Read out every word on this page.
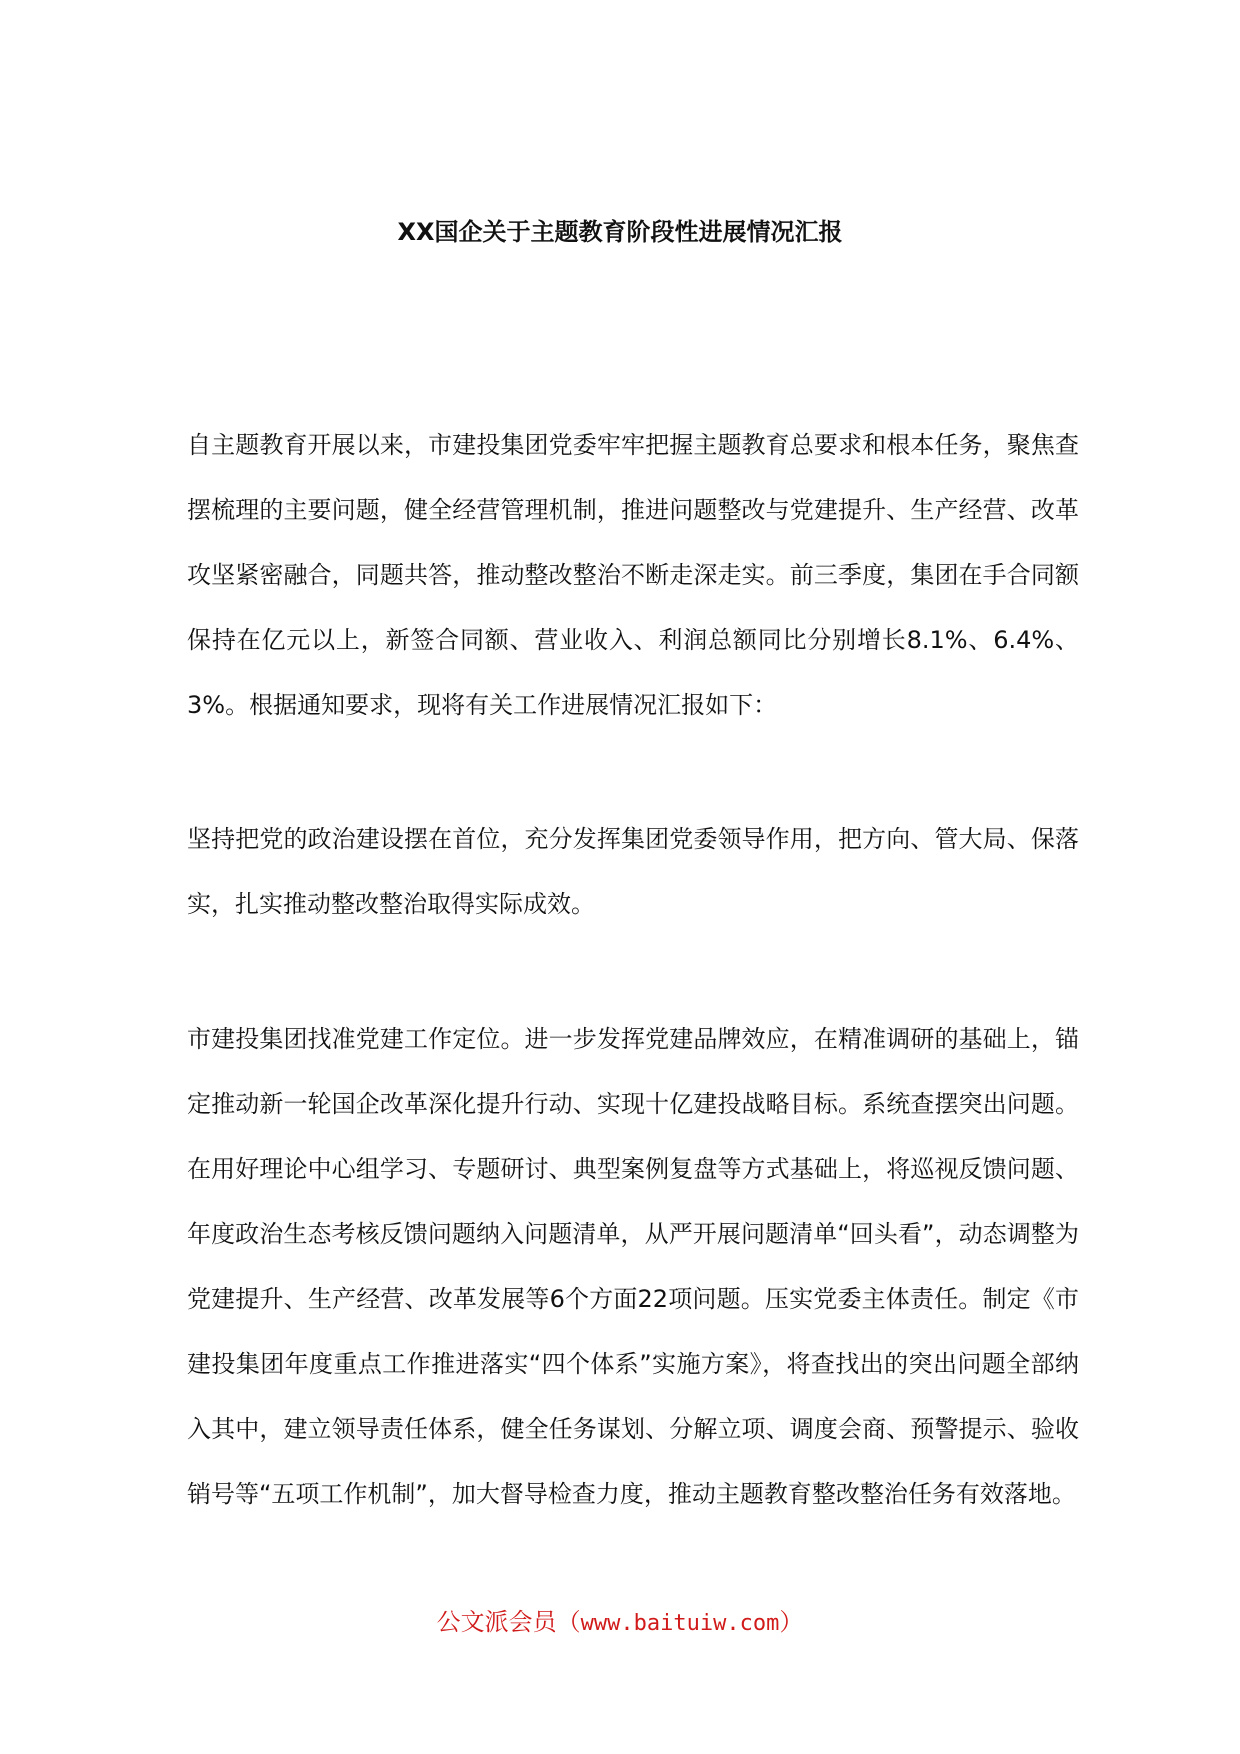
XX国企关于主题教育阶段性进展情况汇报

自主题教育开展以来，市建投集团党委牢牢把握主题教育总要求和根本任务，聚焦查摆梳理的主要问题，健全经营管理机制，推进问题整改与党建提升、生产经营、改革攻坚紧密融合，同题共答，推动整改整治不断走深走实。前三季度，集团在手合同额保持在亿元以上，新签合同额、营业收入、利润总额同比分别增长8.1%、6.4%、3%。根据通知要求，现将有关工作进展情况汇报如下：

坚持把党的政治建设摆在首位，充分发挥集团党委领导作用，把方向、管大局、保落实，扎实推动整改整治取得实际成效。

市建投集团找准党建工作定位。进一步发挥党建品牌效应，在精准调研的基础上，锚定推动新一轮国企改革深化提升行动、实现十亿建投战略目标。系统查摆突出问题。在用好理论中心组学习、专题研讨、典型案例复盘等方式基础上，将巡视反馈问题、年度政治生态考核反馈问题纳入问题清单，从严开展问题清单“回头看”，动态调整为党建提升、生产经营、改革发展等6个方面22项问题。压实党委主体责任。制定《市建投集团年度重点工作推进落实“四个体系”实施方案》，将查找出的突出问题全部纳入其中，建立领导责任体系，健全任务谋划、分解立项、调度会商、预警提示、验收销号等“五项工作机制”，加大督导检查力度，推动主题教育整改整治任务有效落地。

公文派会员（www.baituiw.com）
